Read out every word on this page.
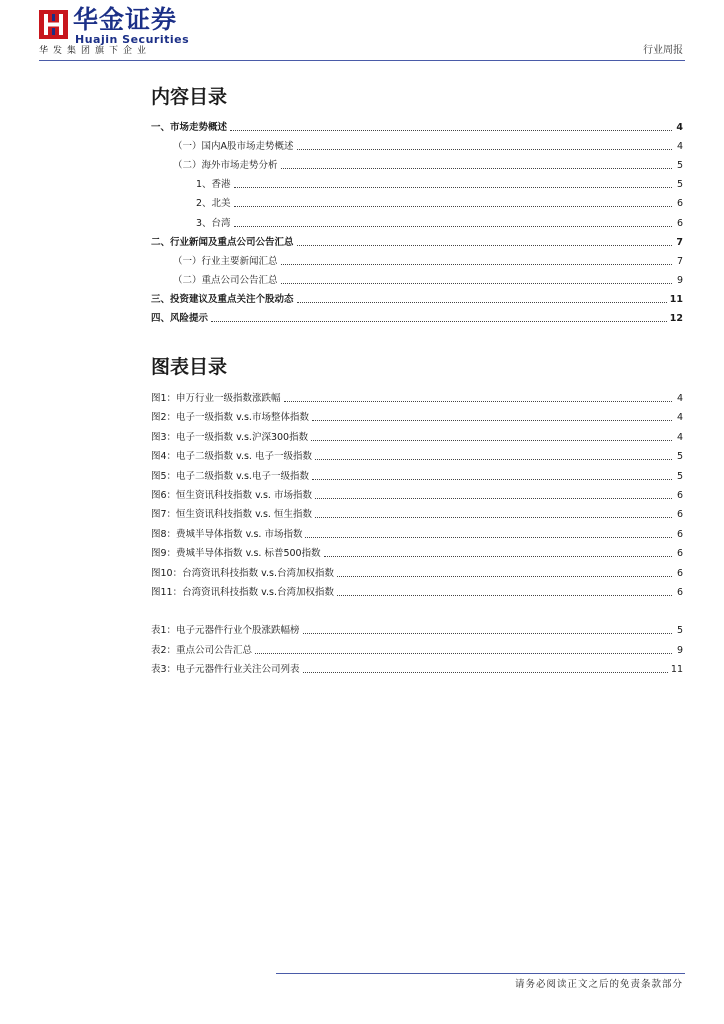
华金证券
Huajin Securities
华发集团旗下企业	行业周报
内容目录
图表目录
一、市场走势概述	4
（一）国内A股市场走势概述	4
（二）海外市场走势分析	5
1、香港	5
2、北美	6
3、台湾	6
二、行业新闻及重点公司公告汇总	7
（一）行业主要新闻汇总	7
（二）重点公司公告汇总	9
三、投资建议及重点关注个股动态	11
四、风险提示	12
图1：申万行业一级指数涨跌幅	4
图2：电子一级指数 v.s.市场整体指数	4
图3：电子一级指数 v.s.沪深300指数	4
图4：电子二级指数 v.s. 电子一级指数	5
图5：电子二级指数 v.s.电子一级指数	5
图6：恒生资讯科技指数 v.s. 市场指数	6
图7：恒生资讯科技指数 v.s. 恒生指数	6
图8：费城半导体指数 v.s. 市场指数	6
图9：费城半导体指数 v.s. 标普500指数	6
图10：台湾资讯科技指数 v.s.台湾加权指数	6
图11：台湾资讯科技指数 v.s.台湾加权指数	6
表1：电子元器件行业个股涨跌幅榜	5
表2：重点公司公告汇总	9
表3：电子元器件行业关注公司列表	11
请务必阅读正文之后的免责条款部分
